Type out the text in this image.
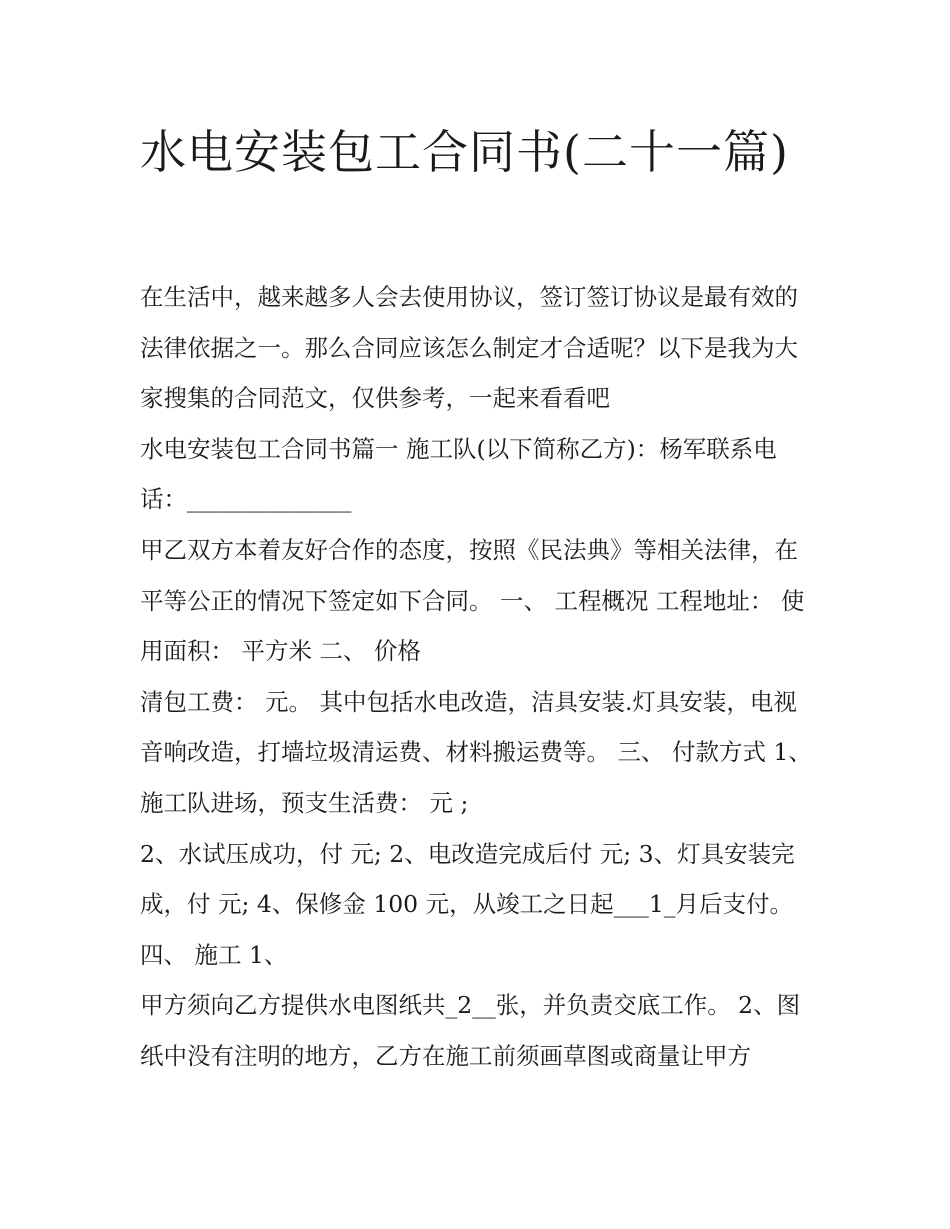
水电安装包工合同书(二十一篇)

在生活中，越来越多人会去使用协议，签订签订协议是最有效的法律依据之一。那么合同应该怎么制定才合适呢？以下是我为大家搜集的合同范文，仅供参考，一起来看看吧

水电安装包工合同书篇一 施工队(以下简称乙方)：杨军联系电话：______________

甲乙双方本着友好合作的态度，按照《民法典》等相关法律，在平等公正的情况下签定如下合同。 一、 工程概况 工程地址： 使用面积： 平方米 二、 价格

清包工费： 元。 其中包括水电改造，洁具安装.灯具安装，电视音响改造，打墙垃圾清运费、材料搬运费等。 三、 付款方式 1、施工队进场，预支生活费： 元 ;

2、水试压成功，付 元; 2、电改造完成后付 元; 3、灯具安装完成，付 元; 4、保修金 100 元，从竣工之日起___1_月后支付。 四、 施工 1、

甲方须向乙方提供水电图纸共_2__张，并负责交底工作。 2、图纸中没有注明的地方，乙方在施工前须画草图或商量让甲方
